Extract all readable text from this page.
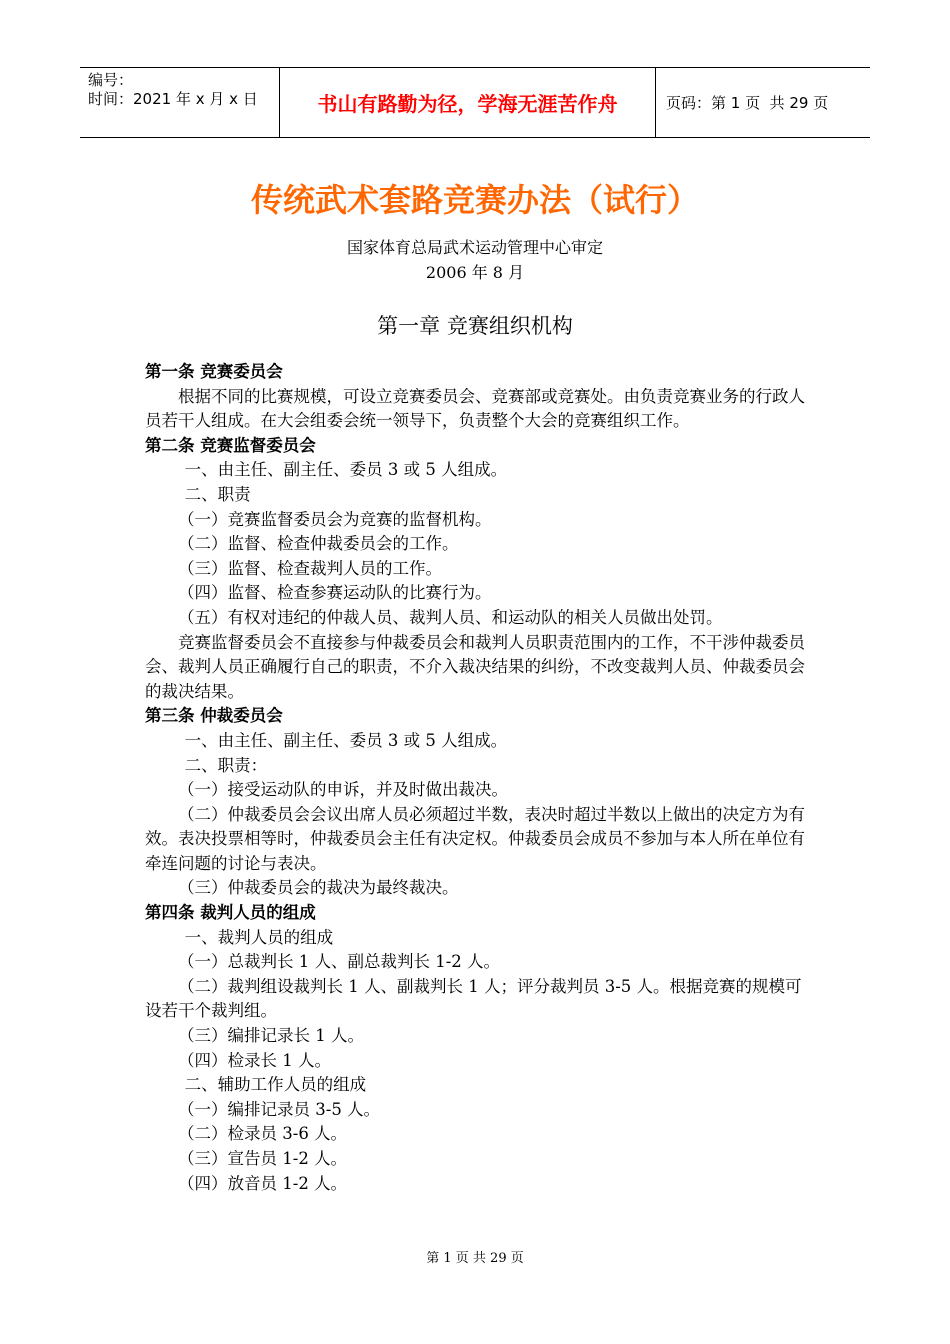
编号：
时间：2021 年 x 月 x 日	书山有路勤为径，学海无涯苦作舟	页码：第 1 页  共 29 页
传统武术套路竞赛办法（试行）
国家体育总局武术运动管理中心审定
2006 年 8 月
第一章 竞赛组织机构

第一条 竞赛委员会

根据不同的比赛规模，可设立竞赛委员会、竞赛部或竞赛处。由负责竞赛业务的行政人员若干人组成。在大会组委会统一领导下，负责整个大会的竞赛组织工作。

第二条 竞赛监督委员会

一、由主任、副主任、委员 3 或 5 人组成。

二、职责

（一）竞赛监督委员会为竞赛的监督机构。

（二）监督、检查仲裁委员会的工作。

（三）监督、检查裁判人员的工作。

（四）监督、检查参赛运动队的比赛行为。

（五）有权对违纪的仲裁人员、裁判人员、和运动队的相关人员做出处罚。

竞赛监督委员会不直接参与仲裁委员会和裁判人员职责范围内的工作，不干涉仲裁委员会、裁判人员正确履行自己的职责，不介入裁决结果的纠纷，不改变裁判人员、仲裁委员会的裁决结果。

第三条 仲裁委员会

一、由主任、副主任、委员 3 或 5 人组成。

二、职责：

（一）接受运动队的申诉，并及时做出裁决。

（二）仲裁委员会会议出席人员必须超过半数，表决时超过半数以上做出的决定方为有效。表决投票相等时，仲裁委员会主任有决定权。仲裁委员会成员不参加与本人所在单位有牵连问题的讨论与表决。

（三）仲裁委员会的裁决为最终裁决。

第四条 裁判人员的组成

一、裁判人员的组成

（一）总裁判长 1 人、副总裁判长 1-2 人。

（二）裁判组设裁判长 1 人、副裁判长 1 人；评分裁判员 3-5 人。根据竞赛的规模可设若干个裁判组。

（三）编排记录长 1 人。

（四）检录长 1 人。

二、辅助工作人员的组成

（一）编排记录员 3-5 人。

（二）检录员 3-6 人。

（三）宣告员 1-2 人。

（四）放音员 1-2 人。

第 1 页 共 29 页
